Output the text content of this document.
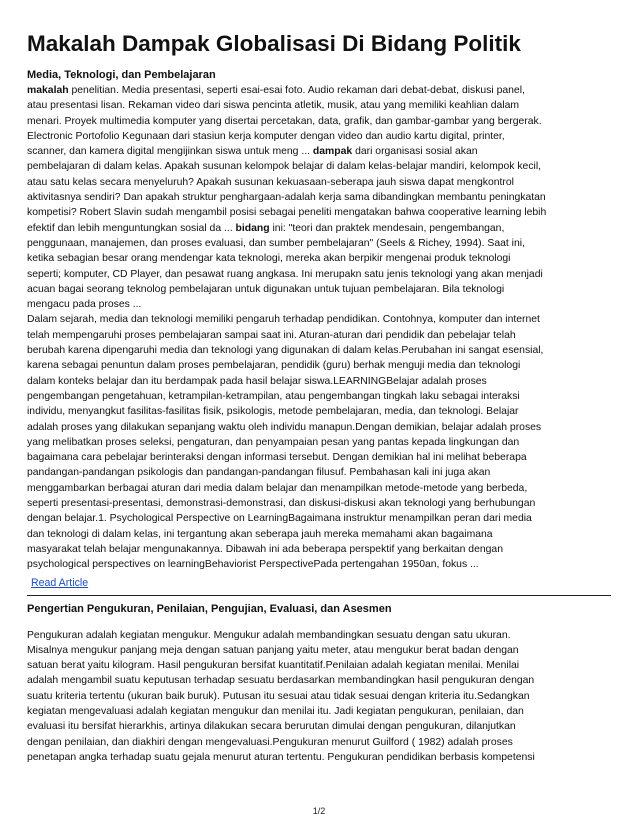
Makalah Dampak Globalisasi Di Bidang Politik
Media, Teknologi, dan Pembelajaran
makalah penelitian. Media presentasi, seperti esai-esai foto. Audio rekaman dari debat-debat, diskusi panel,
atau presentasi lisan. Rekaman video dari siswa pencinta atletik, musik, atau yang memiliki keahlian dalam
menari. Proyek multimedia komputer yang disertai percetakan, data, grafik, dan gambar-gambar yang bergerak.
Electronic Portofolio Kegunaan dari stasiun kerja komputer dengan video dan audio kartu digital, printer,
scanner, dan kamera digital mengijinkan siswa untuk meng ... dampak dari organisasi sosial akan
pembelajaran di dalam kelas. Apakah susunan kelompok belajar di dalam kelas-belajar mandiri, kelompok kecil,
atau satu kelas secara menyeluruh? Apakah susunan kekuasaan-seberapa jauh siswa dapat mengkontrol
aktivitasnya sendiri? Dan apakah struktur penghargaan-adalah kerja sama dibandingkan membantu peningkatan
kompetisi? Robert Slavin sudah mengambil posisi sebagai peneliti mengatakan bahwa cooperative learning lebih
efektif dan lebih menguntungkan sosial da ... bidang ini: "teori dan praktek mendesain, pengembangan,
penggunaan, manajemen, dan proses evaluasi, dan sumber pembelajaran" (Seels & Richey, 1994). Saat ini,
ketika sebagian besar orang mendengar kata teknologi, mereka akan berpikir mengenai produk teknologi
seperti; komputer, CD Player, dan pesawat ruang angkasa. Ini merupakn satu jenis teknologi yang akan menjadi
acuan bagai seorang teknolog pembelajaran untuk digunakan untuk tujuan pembelajaran. Bila teknologi
mengacu pada proses ...
Dalam sejarah, media dan teknologi memiliki pengaruh terhadap pendidikan. Contohnya, komputer dan internet
telah mempengaruhi proses pembelajaran sampai saat ini. Aturan-aturan dari pendidik dan pebelajar telah
berubah karena dipengaruhi media dan teknologi yang digunakan di dalam kelas.Perubahan ini sangat esensial,
karena sebagai penuntun dalam proses pembelajaran, pendidik (guru) berhak menguji media dan teknologi
dalam konteks belajar dan itu berdampak pada hasil belajar siswa.LEARNINGBelajar adalah proses
pengembangan pengetahuan, ketrampilan-ketrampilan, atau pengembangan tingkah laku sebagai interaksi
individu, menyangkut fasilitas-fasilitas fisik, psikologis, metode pembelajaran, media, dan teknologi. Belajar
adalah proses yang dilakukan sepanjang waktu oleh individu manapun.Dengan demikian, belajar adalah proses
yang melibatkan proses seleksi, pengaturan, dan penyampaian pesan yang pantas kepada lingkungan dan
bagaimana cara pebelajar berinteraksi dengan informasi tersebut. Dengan demikian hal ini melihat beberapa
pandangan-pandangan psikologis dan pandangan-pandangan filusuf. Pembahasan kali ini juga akan
menggambarkan berbagai aturan dari media dalam belajar dan menampilkan metode-metode yang berbeda,
seperti presentasi-presentasi, demonstrasi-demonstrasi, dan diskusi-diskusi akan teknologi yang berhubungan
dengan belajar.1. Psychological Perspective on LearningBagaimana instruktur menampilkan peran dari media
dan teknologi di dalam kelas, ini tergantung akan seberapa jauh mereka memahami akan bagaimana
masyarakat telah belajar mengunakannya. Dibawah ini ada beberapa perspektif yang berkaitan dengan
psychological perspectives on learningBehaviorist PerspectivePada pertengahan 1950an, fokus ...
Read Article
Pengertian Pengukuran, Penilaian, Pengujian, Evaluasi, dan Asesmen
Pengukuran adalah kegiatan mengukur. Mengukur adalah membandingkan sesuatu dengan satu ukuran.
Misalnya mengukur panjang meja dengan satuan panjang yaitu meter, atau mengukur berat badan dengan
satuan berat yaitu kilogram. Hasil pengukuran bersifat kuantitatif.Penilaian adalah kegiatan menilai. Menilai
adalah mengambil suatu keputusan terhadap sesuatu berdasarkan membandingkan hasil pengukuran dengan
suatu kriteria tertentu (ukuran baik buruk). Putusan itu sesuai atau tidak sesuai dengan kriteria itu.Sedangkan
kegiatan mengevaluasi adalah kegiatan mengukur dan menilai itu. Jadi kegiatan pengukuran, penilaian, dan
evaluasi itu bersifat hierarkhis, artinya dilakukan secara berurutan dimulai dengan pengukuran, dilanjutkan
dengan penilaian, dan diakhiri dengan mengevaluasi.Pengukuran menurut Guilford ( 1982) adalah proses
penetapan angka terhadap suatu gejala menurut aturan tertentu. Pengukuran pendidikan berbasis kompetensi
1/2
